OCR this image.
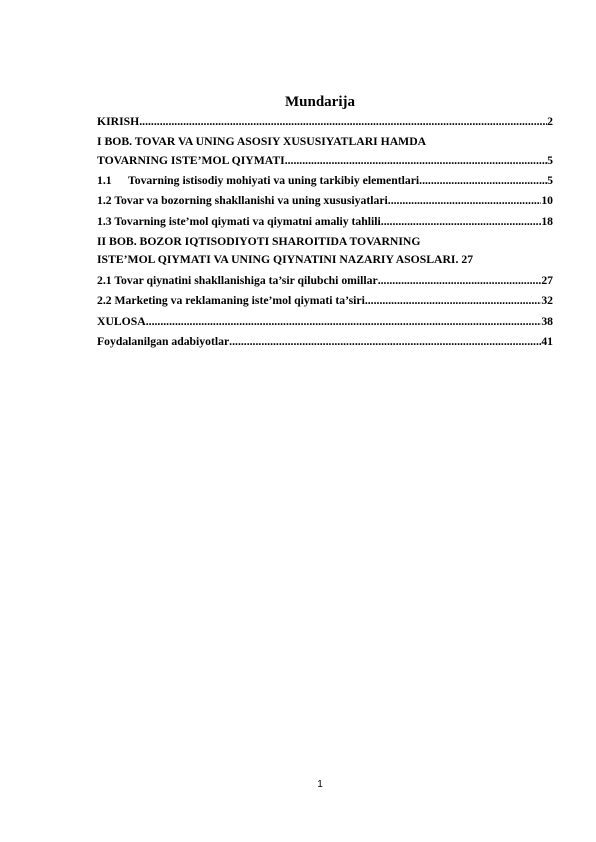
Mundarija
KIRISH .....	2
I BOB. TOVAR VA UNING ASOSIY XUSUSIYATLARI HAMDA
TOVARNING ISTE’MOL QIYMATI .....	5
1.1 Tovarning istisodiy mohiyati va uning tarkibiy elementlari .....	5
1.2 Tovar va bozorning shakllanishi va uning xususiyatlari .....	10
1.3 Tovarning iste’mol qiymati va qiymatni amaliy tahlili .....	18
II BOB. BOZOR IQTISODIYOTI SHAROITIDA TOVARNING
ISTE’MOL QIYMATI VA UNING QIYNATINI NAZARIY ASOSLARI. 27
2.1 Tovar qiynatini shakllanishiga ta’sir qilubchi omillar .....	27
2.2 Marketing va reklamaning iste’mol qiymati ta’siri .....	32
XULOSA .....	38
Foydalanilgan adabiyotlar .....	41
1
